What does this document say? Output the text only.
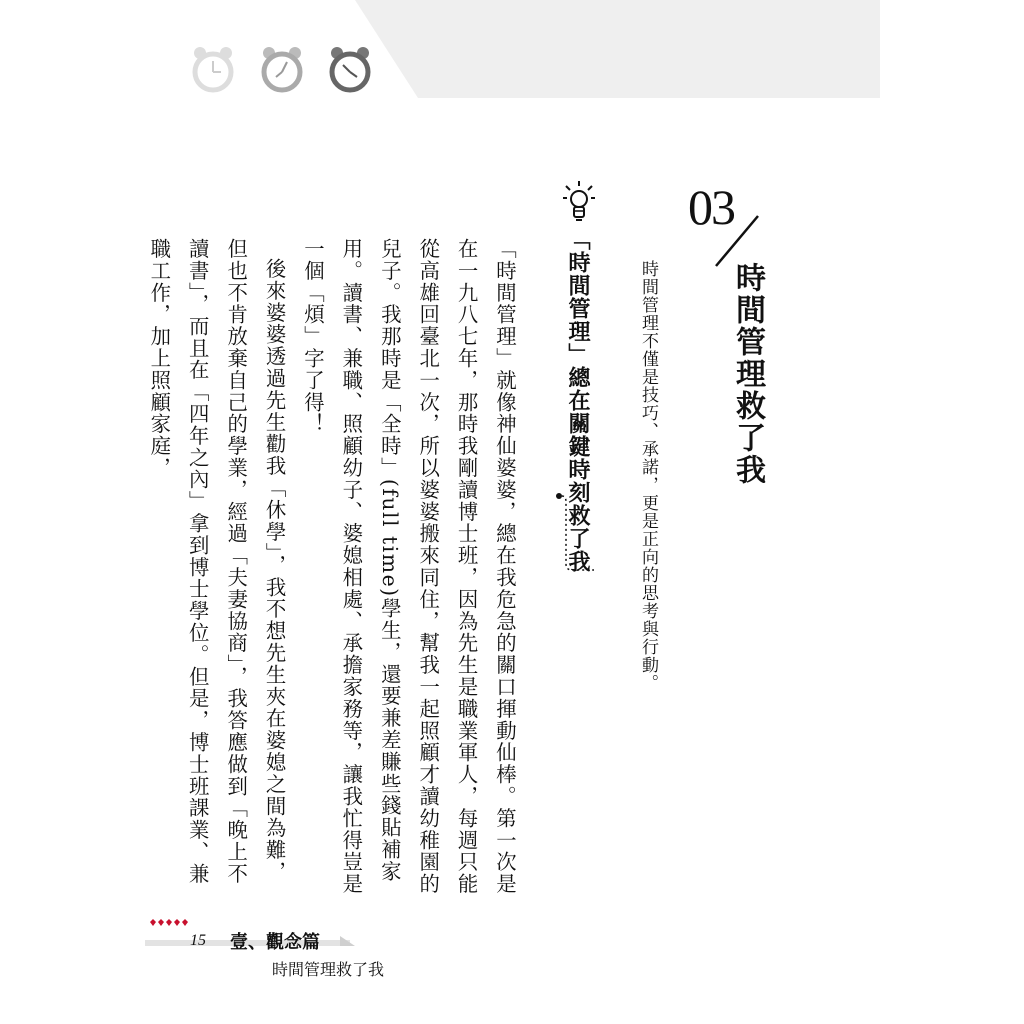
03
時間管理救了我
時間管理不僅是技巧、承諾，更是正向的思考與行動。
「時間管理」總在關鍵時刻救了我

「時間管理」就像神仙婆婆，總在我危急的關口揮動仙棒。第一次是在一九八七年，那時我剛讀博士班，因為先生是職業軍人，每週只能從高雄回臺北一次，所以婆婆搬來同住，幫我一起照顧才讀幼稚園的兒子。我那時是「全時」(full time)學生，還要兼差賺些錢貼補家用。讀書、兼職、照顧幼子、婆媳相處、承擔家務等，讓我忙得豈是一個「煩」字了得！

後來婆婆透過先生勸我「休學」，我不想先生夾在婆媳之間為難，但也不肯放棄自己的學業，經過「夫妻協商」，我答應做到「晚上不讀書」，而且在「四年之內」拿到博士學位。但是，博士班課業、兼職工作，加上照顧家庭，

15 壹、觀念篇
時間管理救了我
